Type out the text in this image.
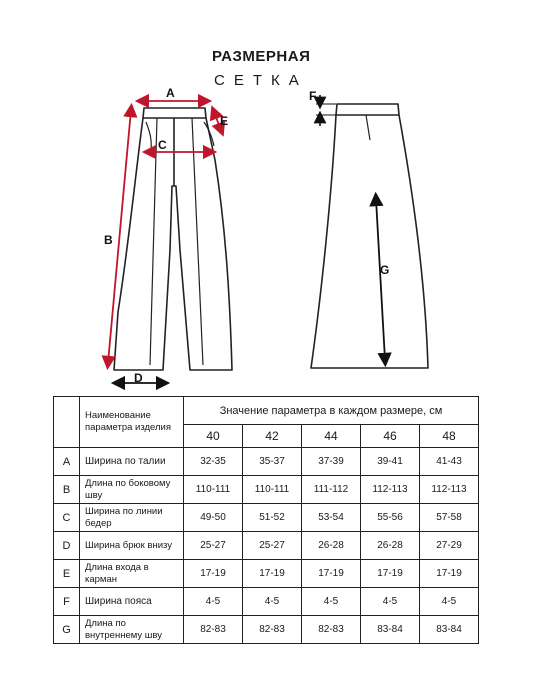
РАЗМЕРНАЯ
СЕТКА
A
B
C
D
E
F
G
	Наименование параметра изделия	Значение параметра в каждом размере, см				
		40	42	44	46	48
A	Ширина по талии	32-35	35-37	37-39	39-41	41-43
B	Длина по боковому шву	110-111	110-111	111-112	112-113	112-113
C	Ширина по линии бедер	49-50	51-52	53-54	55-56	57-58
D	Ширина брюк внизу	25-27	25-27	26-28	26-28	27-29
E	Длина входа в карман	17-19	17-19	17-19	17-19	17-19
F	Ширина пояса	4-5	4-5	4-5	4-5	4-5
G	Длина по внутреннему шву	82-83	82-83	82-83	83-84	83-84
